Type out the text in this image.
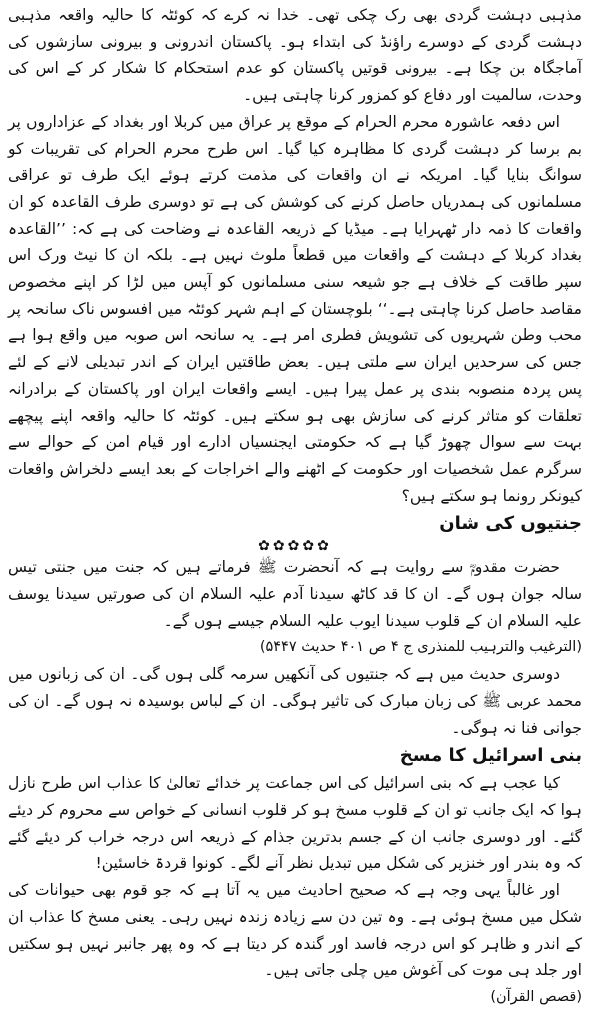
مذہبی دہشت گردی بھی رک چکی تھی۔ خدا نہ کرے کہ کوئٹہ کا حالیہ واقعہ مذہبی دہشت گردی کے دوسرے راؤنڈ کی ابتداء ہو۔ پاکستان اندرونی و بیرونی سازشوں کی آماجگاہ بن چکا ہے۔ بیرونی قوتیں پاکستان کو عدم استحکام کا شکار کر کے اس کی وحدت، سالمیت اور دفاع کو کمزور کرنا چاہتی ہیں۔

اس دفعہ عاشورہ محرم الحرام کے موقع پر عراق میں کربلا اور بغداد کے عزاداروں پر بم برسا کر دہشت گردی کا مظاہرہ کیا گیا۔ اس طرح محرم الحرام کی تقریبات کو سوانگ بنایا گیا۔ امریکہ نے ان واقعات کی مذمت کرتے ہوئے ایک طرف تو عراقی مسلمانوں کی ہمدریاں حاصل کرنے کی کوشش کی ہے تو دوسری طرف القاعدہ کو ان واقعات کا ذمہ دار ٹھہرایا ہے۔ میڈیا کے ذریعہ القاعدہ نے وضاحت کی ہے کہ: ’’القاعدہ بغداد کربلا کے دہشت کے واقعات میں قطعاً ملوث نہیں ہے۔ بلکہ ان کا نیٹ ورک اس سپر طاقت کے خلاف ہے جو شیعہ سنی مسلمانوں کو آپس میں لڑا کر اپنے مخصوص مقاصد حاصل کرنا چاہتی ہے۔‘‘ بلوچستان کے اہم شہر کوئٹہ میں افسوس ناک سانحہ پر محب وطن شہریوں کی تشویش فطری امر ہے۔ یہ سانحہ اس صوبہ میں واقع ہوا ہے جس کی سرحدیں ایران سے ملتی ہیں۔ بعض طاقتیں ایران کے اندر تبدیلی لانے کے لئے پس پردہ منصوبہ بندی پر عمل پیرا ہیں۔ ایسے واقعات ایران اور پاکستان کے برادرانہ تعلقات کو متاثر کرنے کی سازش بھی ہو سکتے ہیں۔ کوئٹہ کا حالیہ واقعہ اپنے پیچھے بہت سے سوال چھوڑ گیا ہے کہ حکومتی ایجنسیاں ادارے اور قیام امن کے حوالے سے سرگرم عمل شخصیات اور حکومت کے اٹھنے والے اخراجات کے بعد ایسے دلخراش واقعات کیونکر رونما ہو سکتے ہیں؟

جنتیوں کی شان
✿✿✿✿✿

حضرت مقدومؓ سے روایت ہے کہ آنحضرت ﷺ فرماتے ہیں کہ جنت میں جنتی تیس سالہ جوان ہوں گے۔ ان کا قد کاٹھ سیدنا آدم علیہ السلام ان کی صورتیں سیدنا یوسف علیہ السلام ان کے قلوب سیدنا ایوب علیہ السلام جیسے ہوں گے۔

(الترغیب والترہیب للمنذری ج ۴ ص ۴۰۱ حدیث ۵۴۴۷)

دوسری حدیث میں ہے کہ جنتیوں کی آنکھیں سرمہ گلی ہوں گی۔ ان کی زبانوں میں محمد عربی ﷺ کی زبان مبارک کی تاثیر ہوگی۔ ان کے لباس بوسیدہ نہ ہوں گے۔ ان کی جوانی فنا نہ ہوگی۔

بنی اسرائیل کا مسخ

کیا عجب ہے کہ بنی اسرائیل کی اس جماعت پر خدائے تعالیٰ کا عذاب اس طرح نازل ہوا کہ ایک جانب تو ان کے قلوب مسخ ہو کر قلوب انسانی کے خواص سے محروم کر دیئے گئے۔ اور دوسری جانب ان کے جسم بدترین جذام کے ذریعہ اس درجہ خراب کر دیئے گئے کہ وہ بندر اور خنزیر کی شکل میں تبدیل نظر آنے لگے۔ کونوا قردۃ خاسئین!

اور غالباً یہی وجہ ہے کہ صحیح احادیث میں یہ آتا ہے کہ جو قوم بھی حیوانات کی شکل میں مسخ ہوئی ہے۔ وہ تین دن سے زیادہ زندہ نہیں رہی۔ یعنی مسخ کا عذاب ان کے اندر و ظاہر کو اس درجہ فاسد اور گندہ کر دیتا ہے کہ وہ پھر جانبر نہیں ہو سکتیں اور جلد ہی موت کی آغوش میں چلی جاتی ہیں۔

(قصص القرآن)
